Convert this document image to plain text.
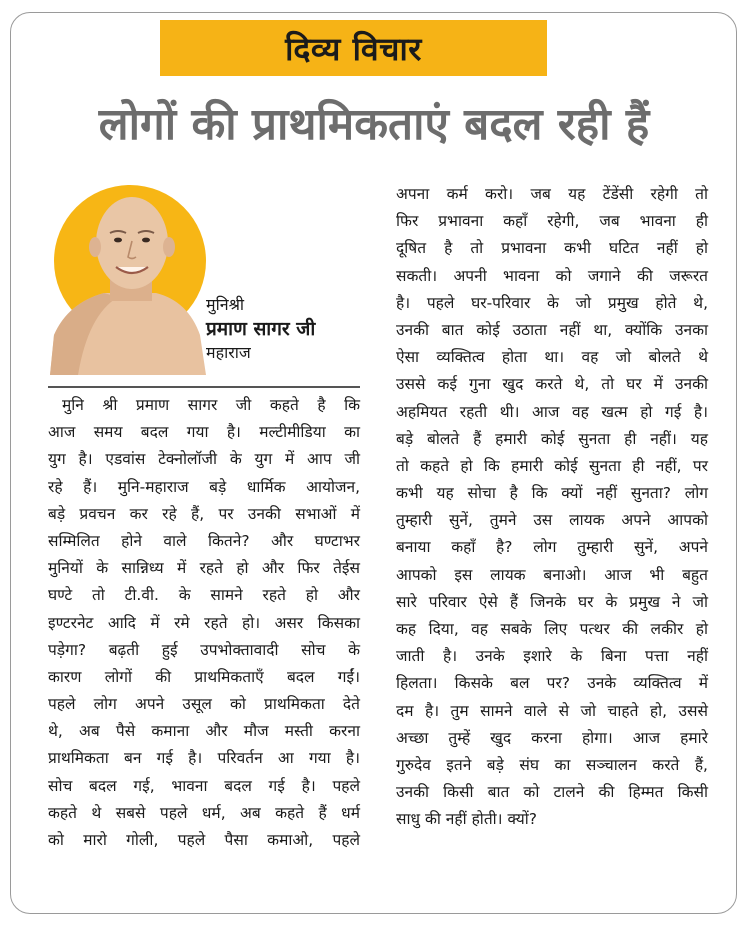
दिव्य विचार
लोगों की प्राथमिकताएं बदल रही हैं
मुनिश्री
प्रमाण सागर जी
महाराज
मुनि श्री प्रमाण सागर जी कहते है कि
आज समय बदल गया है। मल्टीमीडिया का
युग है। एडवांस टेक्नोलॉजी के युग में आप जी
रहे हैं। मुनि-महाराज बड़े धार्मिक आयोजन,
बड़े प्रवचन कर रहे हैं, पर उनकी सभाओं में
सम्मिलित होने वाले कितने? और घण्टाभर
मुनियों के सान्निध्य में रहते हो और फिर तेईस
घण्टे तो टी.वी. के सामने रहते हो और
इण्टरनेट आदि में रमे रहते हो। असर किसका
पड़ेगा? बढ़ती हुई उपभोक्तावादी सोच के
कारण लोगों की प्राथमिकताएँ बदल गईं।
पहले लोग अपने उसूल को प्राथमिकता देते
थे, अब पैसे कमाना और मौज मस्ती करना
प्राथमिकता बन गई है। परिवर्तन आ गया है।
सोच बदल गई, भावना बदल गई है। पहले
कहते थे सबसे पहले धर्म, अब कहते हैं धर्म
को मारो गोली, पहले पैसा कमाओ, पहले
अपना कर्म करो। जब यह टेंडेंसी रहेगी तो
फिर प्रभावना कहाँ रहेगी, जब भावना ही
दूषित है तो प्रभावना कभी घटित नहीं हो
सकती। अपनी भावना को जगाने की जरूरत
है। पहले घर-परिवार के जो प्रमुख होते थे,
उनकी बात कोई उठाता नहीं था, क्योंकि उनका
ऐसा व्यक्तित्व होता था। वह जो बोलते थे
उससे कई गुना खुद करते थे, तो घर में उनकी
अहमियत रहती थी। आज वह खत्म हो गई है।
बड़े बोलते हैं हमारी कोई सुनता ही नहीं। यह
तो कहते हो कि हमारी कोई सुनता ही नहीं, पर
कभी यह सोचा है कि क्यों नहीं सुनता? लोग
तुम्हारी सुनें, तुमने उस लायक अपने आपको
बनाया कहाँ है? लोग तुम्हारी सुनें, अपने
आपको इस लायक बनाओ। आज भी बहुत
सारे परिवार ऐसे हैं जिनके घर के प्रमुख ने जो
कह दिया, वह सबके लिए पत्थर की लकीर हो
जाती है। उनके इशारे के बिना पत्ता नहीं
हिलता। किसके बल पर? उनके व्यक्तित्व में
दम है। तुम सामने वाले से जो चाहते हो, उससे
अच्छा तुम्हें खुद करना होगा। आज हमारे
गुरुदेव इतने बड़े संघ का सञ्चालन करते हैं,
उनकी किसी बात को टालने की हिम्मत किसी
साधु की नहीं होती। क्यों?
